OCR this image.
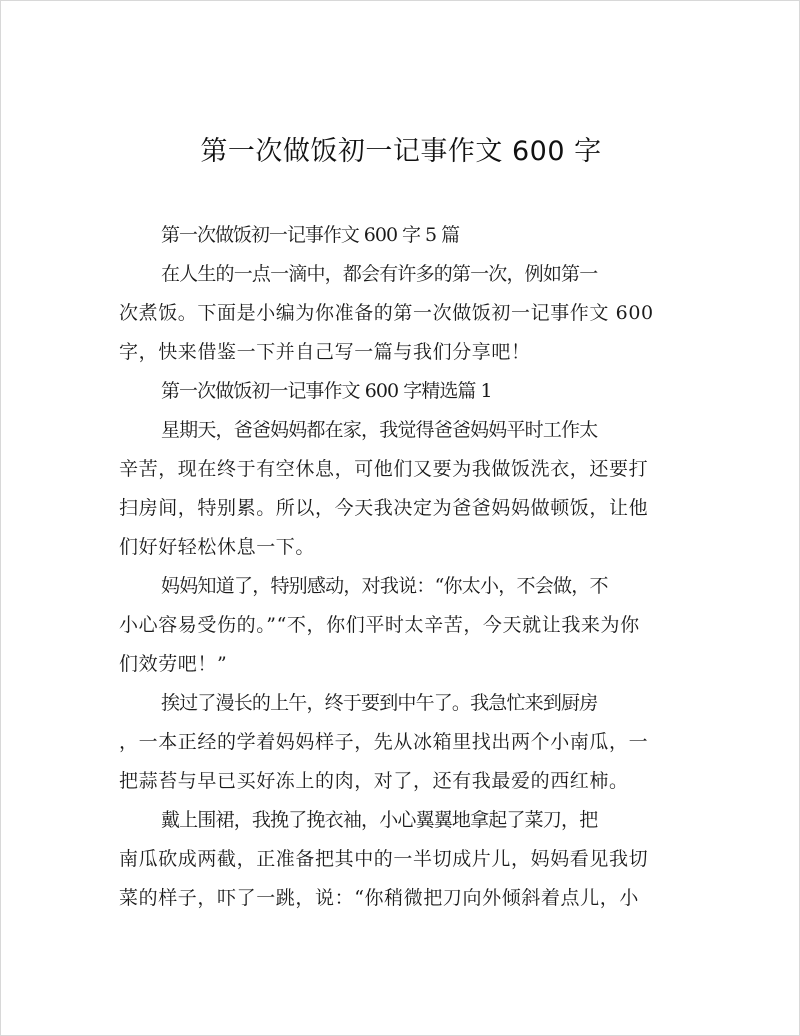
第一次做饭初一记事作文 600 字
第一次做饭初一记事作文 600 字 5 篇
在人生的一点一滴中，都会有许多的第一次，例如第一
次煮饭。下面是小编为你准备的第一次做饭初一记事作文 600
字，快来借鉴一下并自己写一篇与我们分享吧！
第一次做饭初一记事作文 600 字精选篇 1
星期天，爸爸妈妈都在家，我觉得爸爸妈妈平时工作太
辛苦，现在终于有空休息，可他们又要为我做饭洗衣，还要打
扫房间，特别累。所以，今天我决定为爸爸妈妈做顿饭，让他
们好好轻松休息一下。
妈妈知道了，特别感动，对我说：“你太小，不会做，不
小心容易受伤的。”“不，你们平时太辛苦，今天就让我来为你
们效劳吧！”
挨过了漫长的上午，终于要到中午了。我急忙来到厨房
，一本正经的学着妈妈样子，先从冰箱里找出两个小南瓜，一
把蒜苔与早已买好冻上的肉，对了，还有我最爱的西红柿。
戴上围裙，我挽了挽衣袖，小心翼翼地拿起了菜刀，把
南瓜砍成两截，正准备把其中的一半切成片儿，妈妈看见我切
菜的样子，吓了一跳，说：“你稍微把刀向外倾斜着点儿，小
